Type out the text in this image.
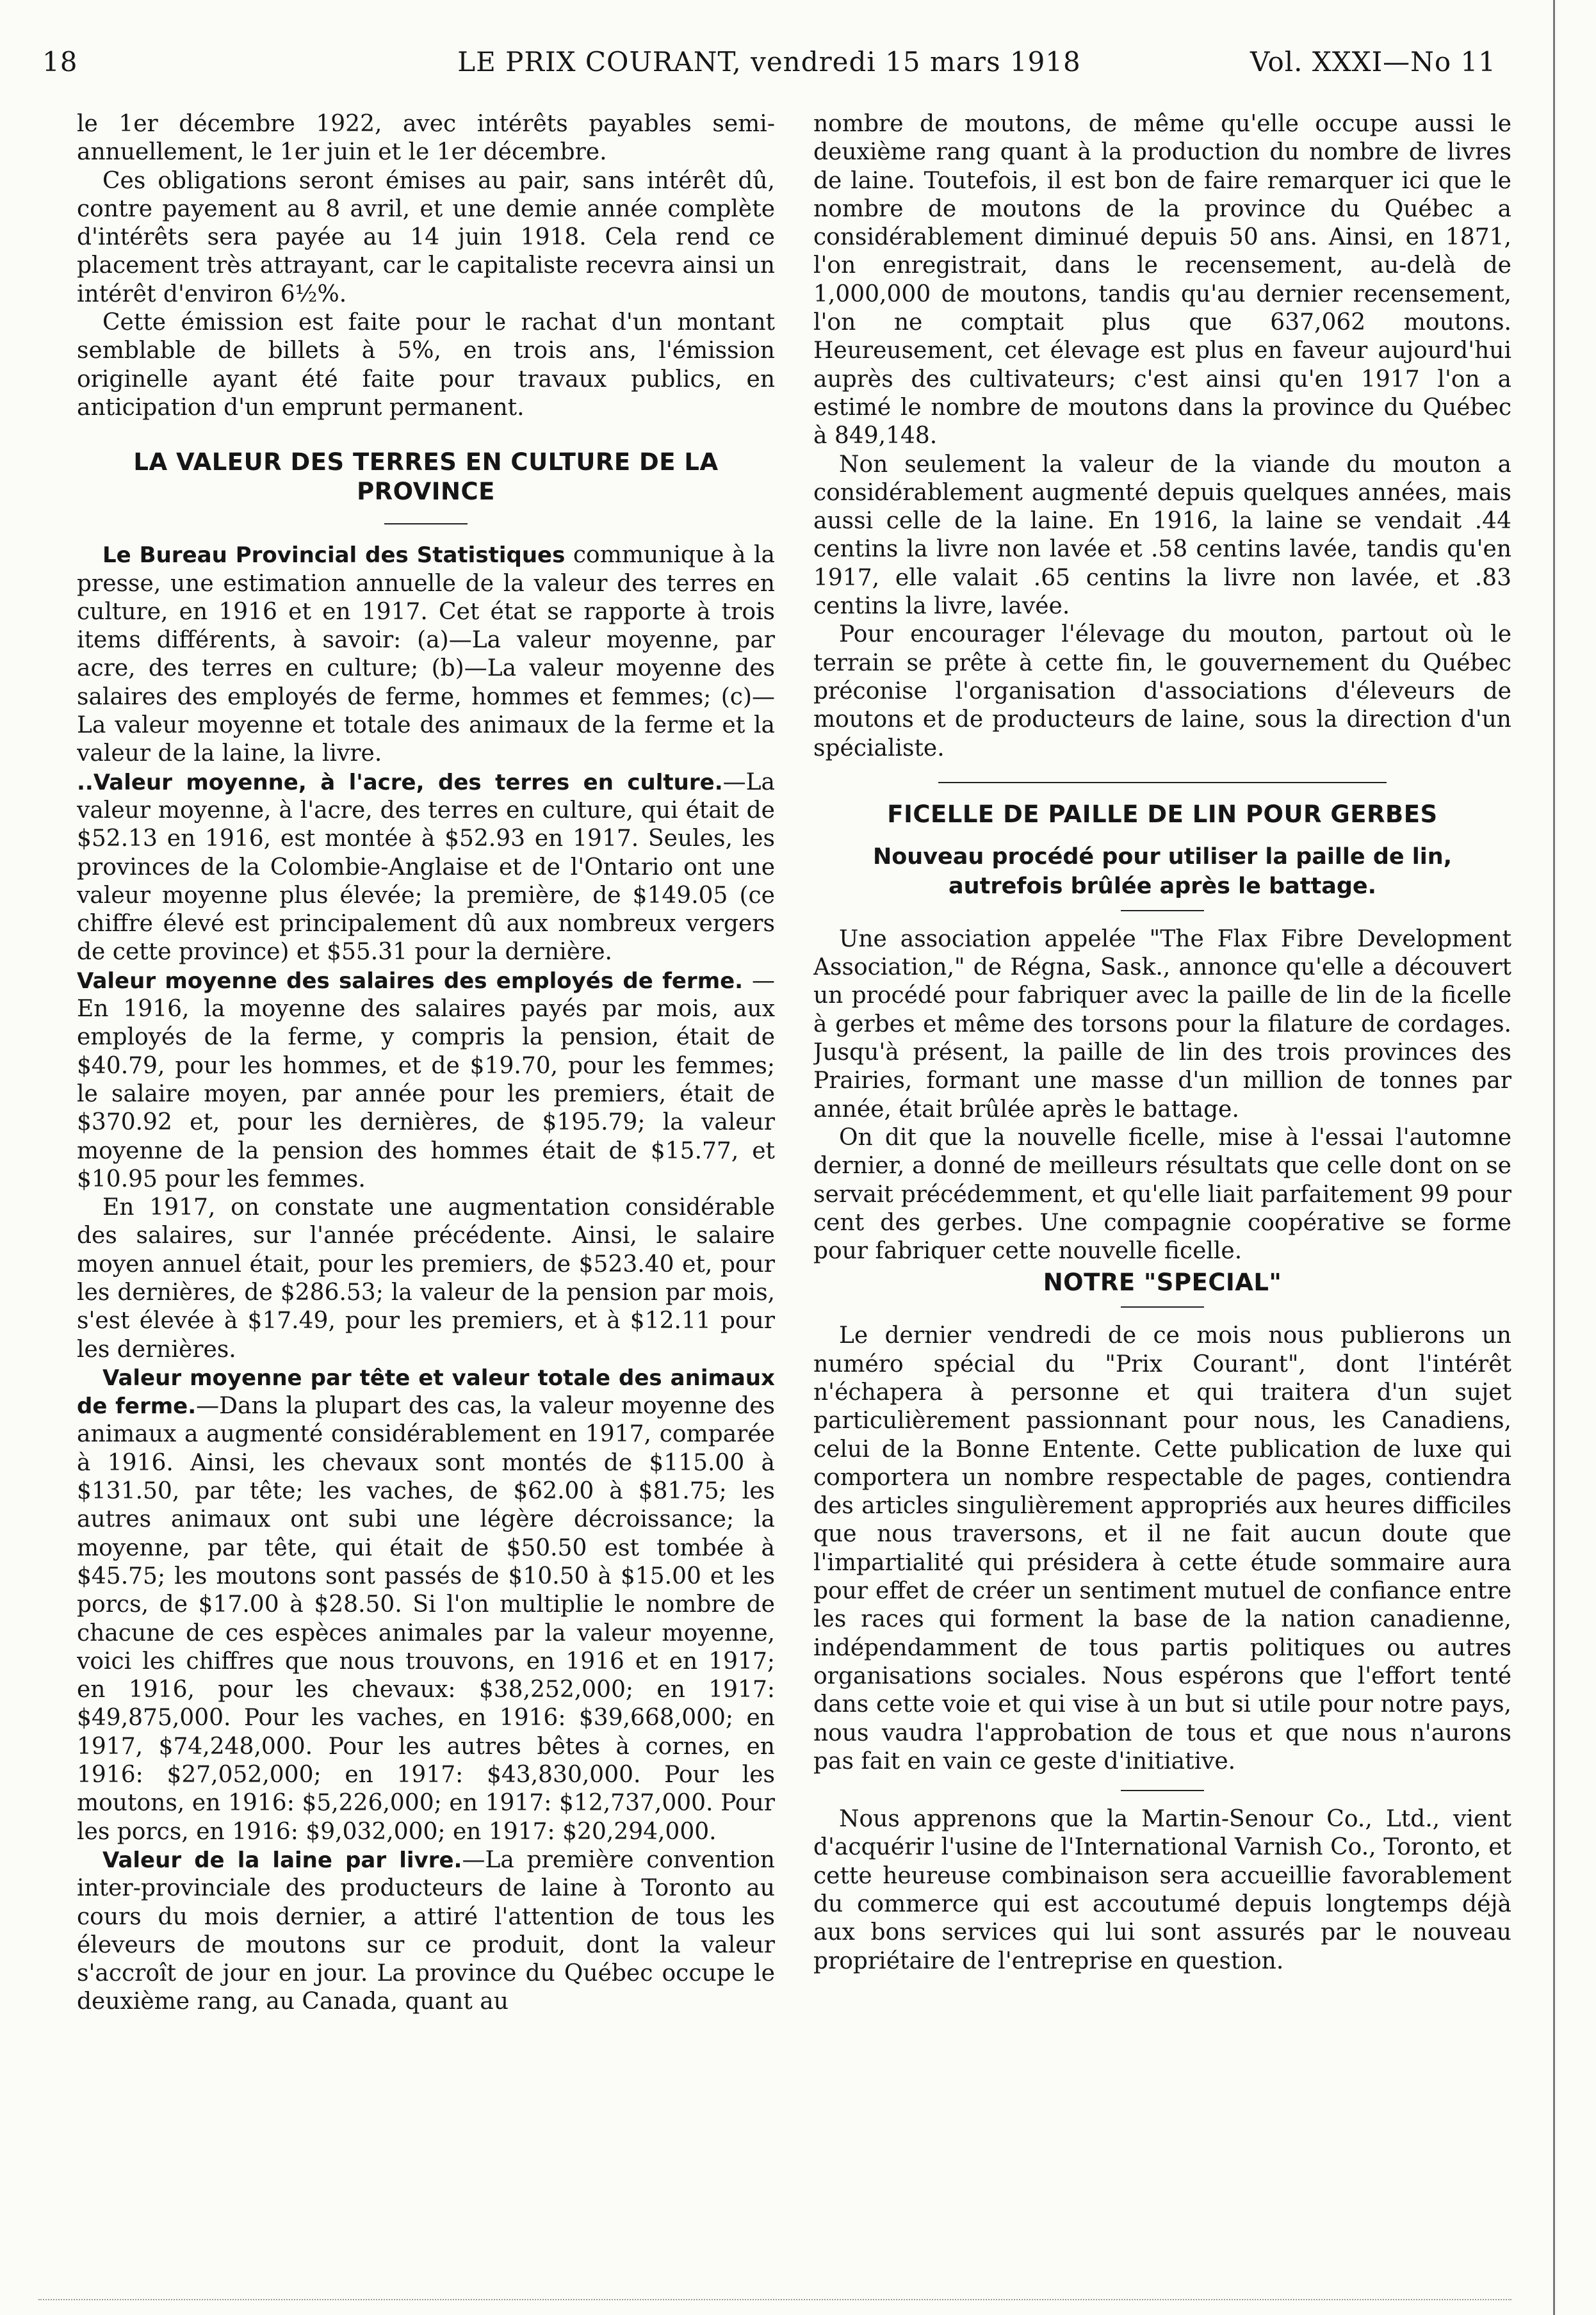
18	LE PRIX COURANT, vendredi 15 mars 1918	Vol. XXXI—No 11

le 1er décembre 1922, avec intérêts payables semi-annuellement, le 1er juin et le 1er décembre.

Ces obligations seront émises au pair, sans intérêt dû, contre payement au 8 avril, et une demie année complète d'intérêts sera payée au 14 juin 1918. Cela rend ce placement très attrayant, car le capitaliste recevra ainsi un intérêt d'environ 6½%.

Cette émission est faite pour le rachat d'un montant semblable de billets à 5%, en trois ans, l'émission originelle ayant été faite pour travaux publics, en anticipation d'un emprunt permanent.

LA VALEUR DES TERRES EN CULTURE DE LA PROVINCE

Le Bureau Provincial des Statistiques communique à la presse, une estimation annuelle de la valeur des terres en culture, en 1916 et en 1917. Cet état se rapporte à trois items différents, à savoir: (a)—La valeur moyenne, par acre, des terres en culture; (b)—La valeur moyenne des salaires des employés de ferme, hommes et femmes; (c)—La valeur moyenne et totale des animaux de la ferme et la valeur de la laine, la livre.

..Valeur moyenne, à l'acre, des terres en culture.—La valeur moyenne, à l'acre, des terres en culture, qui était de $52.13 en 1916, est montée à $52.93 en 1917. Seules, les provinces de la Colombie-Anglaise et de l'Ontario ont une valeur moyenne plus élevée; la première, de $149.05 (ce chiffre élevé est principalement dû aux nombreux vergers de cette province) et $55.31 pour la dernière.

Valeur moyenne des salaires des employés de ferme. — En 1916, la moyenne des salaires payés par mois, aux employés de la ferme, y compris la pension, était de $40.79, pour les hommes, et de $19.70, pour les femmes; le salaire moyen, par année pour les premiers, était de $370.92 et, pour les dernières, de $195.79; la valeur moyenne de la pension des hommes était de $15.77, et $10.95 pour les femmes.

En 1917, on constate une augmentation considérable des salaires, sur l'année précédente. Ainsi, le salaire moyen annuel était, pour les premiers, de $523.40 et, pour les dernières, de $286.53; la valeur de la pension par mois, s'est élevée à $17.49, pour les premiers, et à $12.11 pour les dernières.

Valeur moyenne par tête et valeur totale des animaux de ferme.—Dans la plupart des cas, la valeur moyenne des animaux a augmenté considérablement en 1917, comparée à 1916. Ainsi, les chevaux sont montés de $115.00 à $131.50, par tête; les vaches, de $62.00 à $81.75; les autres animaux ont subi une légère décroissance; la moyenne, par tête, qui était de $50.50 est tombée à $45.75; les moutons sont passés de $10.50 à $15.00 et les porcs, de $17.00 à $28.50. Si l'on multiplie le nombre de chacune de ces espèces animales par la valeur moyenne, voici les chiffres que nous trouvons, en 1916 et en 1917; en 1916, pour les chevaux: $38,252,000; en 1917: $49,875,000. Pour les vaches, en 1916: $39,668,000; en 1917, $74,248,000. Pour les autres bêtes à cornes, en 1916: $27,052,000; en 1917: $43,830,000. Pour les moutons, en 1916: $5,226,000; en 1917: $12,737,000. Pour les porcs, en 1916: $9,032,000; en 1917: $20,294,000.

Valeur de la laine par livre.—La première convention inter-provinciale des producteurs de laine à Toronto au cours du mois dernier, a attiré l'attention de tous les éleveurs de moutons sur ce produit, dont la valeur s'accroît de jour en jour. La province du Québec occupe le deuxième rang, au Canada, quant au

nombre de moutons, de même qu'elle occupe aussi le deuxième rang quant à la production du nombre de livres de laine. Toutefois, il est bon de faire remarquer ici que le nombre de moutons de la province du Québec a considérablement diminué depuis 50 ans. Ainsi, en 1871, l'on enregistrait, dans le recensement, au-delà de 1,000,000 de moutons, tandis qu'au dernier recensement, l'on ne comptait plus que 637,062 moutons. Heureusement, cet élevage est plus en faveur aujourd'hui auprès des cultivateurs; c'est ainsi qu'en 1917 l'on a estimé le nombre de moutons dans la province du Québec à 849,148.

Non seulement la valeur de la viande du mouton a considérablement augmenté depuis quelques années, mais aussi celle de la laine. En 1916, la laine se vendait .44 centins la livre non lavée et .58 centins lavée, tandis qu'en 1917, elle valait .65 centins la livre non lavée, et .83 centins la livre, lavée.

Pour encourager l'élevage du mouton, partout où le terrain se prête à cette fin, le gouvernement du Québec préconise l'organisation d'associations d'éleveurs de moutons et de producteurs de laine, sous la direction d'un spécialiste.

FICELLE DE PAILLE DE LIN POUR GERBES
Nouveau procédé pour utiliser la paille de lin, autrefois brûlée après le battage.

Une association appelée "The Flax Fibre Development Association," de Régna, Sask., annonce qu'elle a découvert un procédé pour fabriquer avec la paille de lin de la ficelle à gerbes et même des torsons pour la filature de cordages. Jusqu'à présent, la paille de lin des trois provinces des Prairies, formant une masse d'un million de tonnes par année, était brûlée après le battage.

On dit que la nouvelle ficelle, mise à l'essai l'automne dernier, a donné de meilleurs résultats que celle dont on se servait précédemment, et qu'elle liait parfaitement 99 pour cent des gerbes. Une compagnie coopérative se forme pour fabriquer cette nouvelle ficelle.

NOTRE "SPECIAL"

Le dernier vendredi de ce mois nous publierons un numéro spécial du "Prix Courant", dont l'intérêt n'échapera à personne et qui traitera d'un sujet particulièrement passionnant pour nous, les Canadiens, celui de la Bonne Entente. Cette publication de luxe qui comportera un nombre respectable de pages, contiendra des articles singulièrement appropriés aux heures difficiles que nous traversons, et il ne fait aucun doute que l'impartialité qui présidera à cette étude sommaire aura pour effet de créer un sentiment mutuel de confiance entre les races qui forment la base de la nation canadienne, indépendamment de tous partis politiques ou autres organisations sociales. Nous espérons que l'effort tenté dans cette voie et qui vise à un but si utile pour notre pays, nous vaudra l'approbation de tous et que nous n'aurons pas fait en vain ce geste d'initiative.

Nous apprenons que la Martin-Senour Co., Ltd., vient d'acquérir l'usine de l'International Varnish Co., Toronto, et cette heureuse combinaison sera accueillie favorablement du commerce qui est accoutumé depuis longtemps déjà aux bons services qui lui sont assurés par le nouveau propriétaire de l'entreprise en question.
